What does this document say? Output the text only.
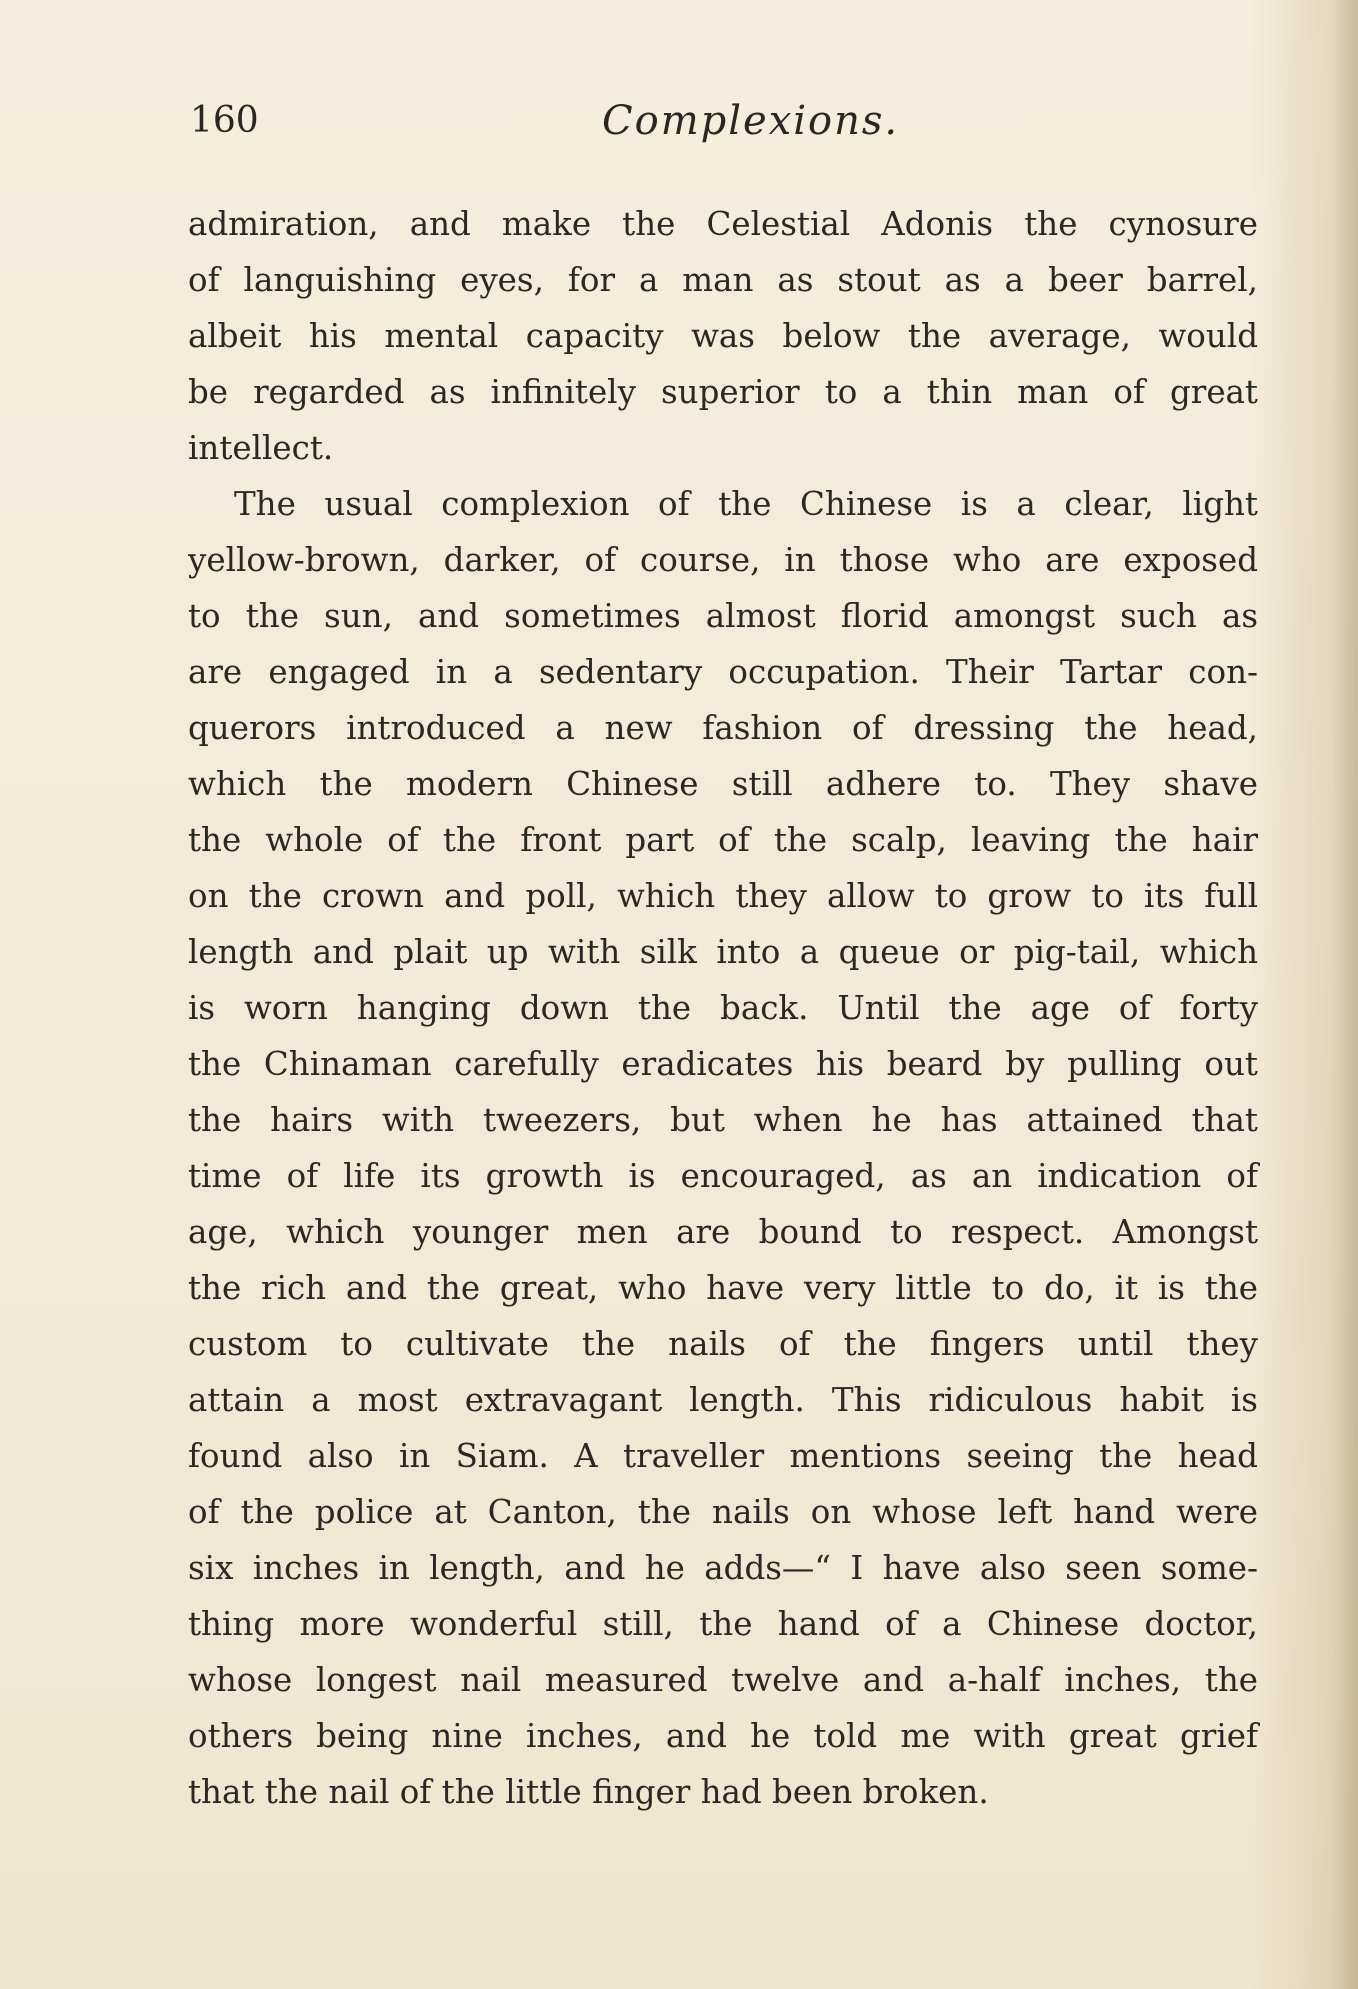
160	Complexions.

admiration, and make the Celestial Adonis the cynosure
of languishing eyes, for a man as stout as a beer barrel,
albeit his mental capacity was below the average, would
be regarded as infinitely superior to a thin man of great
intellect.

The usual complexion of the Chinese is a clear, light
yellow-brown, darker, of course, in those who are exposed
to the sun, and sometimes almost florid amongst such as
are engaged in a sedentary occupation. Their Tartar con-
querors introduced a new fashion of dressing the head,
which the modern Chinese still adhere to. They shave
the whole of the front part of the scalp, leaving the hair
on the crown and poll, which they allow to grow to its full
length and plait up with silk into a queue or pig-tail, which
is worn hanging down the back. Until the age of forty
the Chinaman carefully eradicates his beard by pulling out
the hairs with tweezers, but when he has attained that
time of life its growth is encouraged, as an indication of
age, which younger men are bound to respect. Amongst
the rich and the great, who have very little to do, it is the
custom to cultivate the nails of the fingers until they
attain a most extravagant length. This ridiculous habit is
found also in Siam. A traveller mentions seeing the head
of the police at Canton, the nails on whose left hand were
six inches in length, and he adds—“ I have also seen some-
thing more wonderful still, the hand of a Chinese doctor,
whose longest nail measured twelve and a-half inches, the
others being nine inches, and he told me with great grief
that the nail of the little finger had been broken.
